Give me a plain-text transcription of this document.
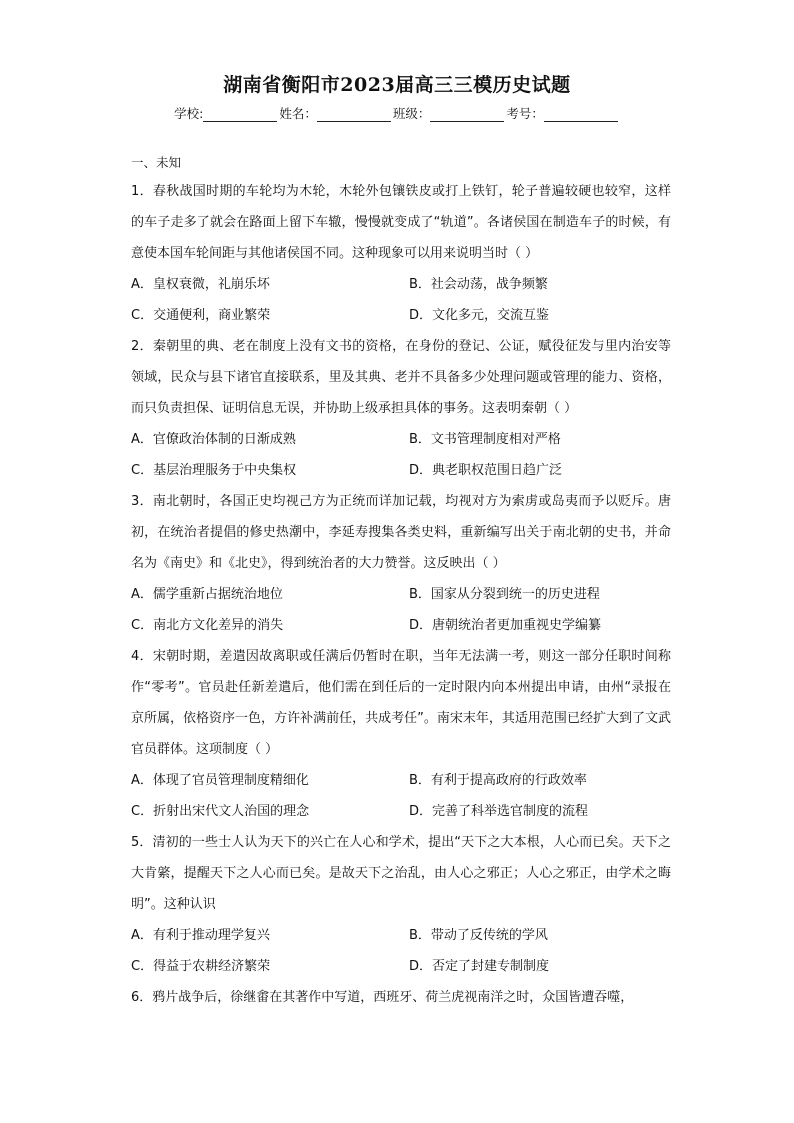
湖南省衡阳市2023届高三三模历史试题
学校:	姓名：	班级：	考号：
一、未知
1．春秋战国时期的车轮均为木轮，木轮外包镶铁皮或打上铁钉，轮子普遍较硬也较窄，这样的车子走多了就会在路面上留下车辙，慢慢就变成了“轨道”。各诸侯国在制造车子的时候，有意使本国车轮间距与其他诸侯国不同。这种现象可以用来说明当时（ ）
A．皇权衰微，礼崩乐坏	B．社会动荡，战争频繁
C．交通便利，商业繁荣	D．文化多元，交流互鉴
2．秦朝里的典、老在制度上没有文书的资格，在身份的登记、公证，赋役征发与里内治安等领域，民众与县下诸官直接联系，里及其典、老并不具备多少处理问题或管理的能力、资格，而只负责担保、证明信息无误，并协助上级承担具体的事务。这表明秦朝（ ）
A．官僚政治体制的日渐成熟	B．文书管理制度相对严格
C．基层治理服务于中央集权	D．典老职权范围日趋广泛
3．南北朝时，各国正史均视己方为正统而详加记载，均视对方为索虏或岛夷而予以贬斥。唐初，在统治者提倡的修史热潮中，李延寿搜集各类史料，重新编写出关于南北朝的史书，并命名为《南史》和《北史》，得到统治者的大力赞誉。这反映出（ ）
A．儒学重新占据统治地位	B．国家从分裂到统一的历史进程
C．南北方文化差异的消失	D．唐朝统治者更加重视史学编纂
4．宋朝时期，差遣因故离职或任满后仍暂时在职，当年无法满一考，则这一部分任职时间称作“零考”。官员赴任新差遣后，他们需在到任后的一定时限内向本州提出申请，由州“录报在京所属，依格资序一色，方许补满前任，共成考任”。南宋末年，其适用范围已经扩大到了文武官员群体。这项制度（ ）
A．体现了官员管理制度精细化	B．有利于提高政府的行政效率
C．折射出宋代文人治国的理念	D．完善了科举选官制度的流程
5．清初的一些士人认为天下的兴亡在人心和学术，提出“天下之大本根，人心而已矣。天下之大肯綮，提醒天下之人心而已矣。是故天下之治乱，由人心之邪正；人心之邪正，由学术之晦明”。这种认识
A．有利于推动理学复兴	B．带动了反传统的学风
C．得益于农耕经济繁荣	D．否定了封建专制制度
6．鸦片战争后，徐继畬在其著作中写道，西班牙、荷兰虎视南洋之时，众国皆遭吞噬，
